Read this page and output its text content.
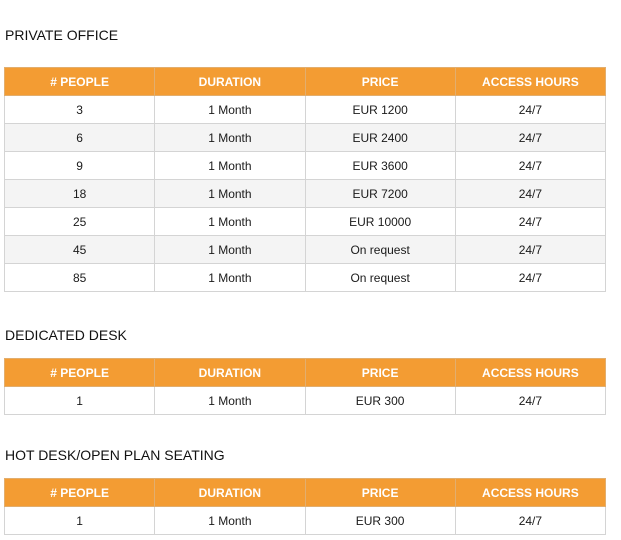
PRIVATE OFFICE
# PEOPLE	DURATION	PRICE	ACCESS HOURS
3	1 Month	EUR 1200	24/7
6	1 Month	EUR 2400	24/7
9	1 Month	EUR 3600	24/7
18	1 Month	EUR 7200	24/7
25	1 Month	EUR 10000	24/7
45	1 Month	On request	24/7
85	1 Month	On request	24/7
DEDICATED DESK
# PEOPLE	DURATION	PRICE	ACCESS HOURS
1	1 Month	EUR 300	24/7
HOT DESK/OPEN PLAN SEATING
# PEOPLE	DURATION	PRICE	ACCESS HOURS
1	1 Month	EUR 300	24/7
